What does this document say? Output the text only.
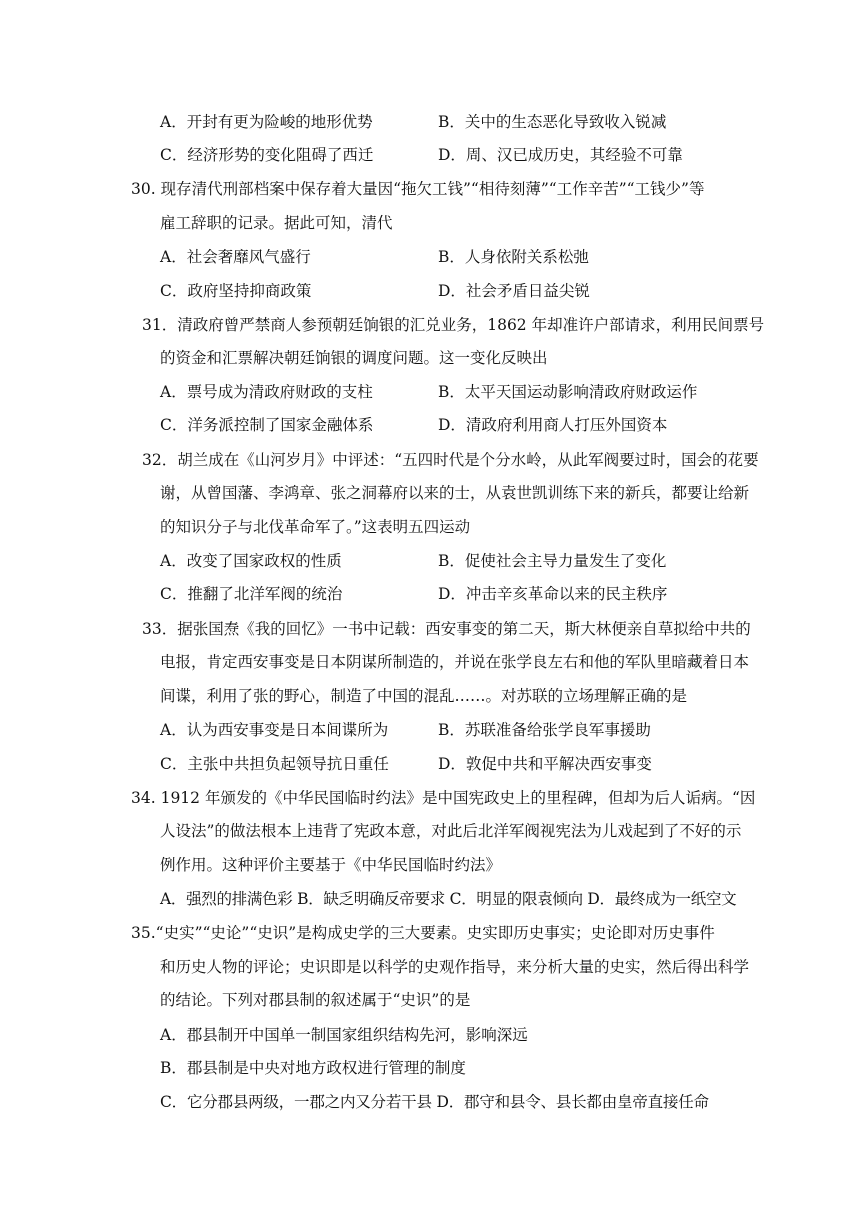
A．开封有更为险峻的地形优势	B．关中的生态恶化导致收入锐减
C．经济形势的变化阻碍了西迁	D．周、汉已成历史，其经验不可靠
30. 现存清代刑部档案中保存着大量因“拖欠工钱”“相待刻薄”“工作辛苦”“工钱少”等
雇工辞职的记录。据此可知，清代
A．社会奢靡风气盛行	B．人身依附关系松弛
C．政府坚持抑商政策	D．社会矛盾日益尖锐
31．清政府曾严禁商人参预朝廷饷银的汇兑业务，1862 年却准许户部请求，利用民间票号
的资金和汇票解决朝廷饷银的调度问题。这一变化反映出
A．票号成为清政府财政的支柱	B．太平天国运动影响清政府财政运作
C．洋务派控制了国家金融体系	D．清政府利用商人打压外国资本
32．胡兰成在《山河岁月》中评述：“五四时代是个分水岭，从此军阀要过时，国会的花要
谢，从曾国藩、李鸿章、张之洞幕府以来的士，从袁世凯训练下来的新兵，都要让给新
的知识分子与北伐革命军了。”这表明五四运动
A．改变了国家政权的性质	B．促使社会主导力量发生了变化
C．推翻了北洋军阀的统治	D．冲击辛亥革命以来的民主秩序
33．据张国焘《我的回忆》一书中记载：西安事变的第二天，斯大林便亲自草拟给中共的
电报，肯定西安事变是日本阴谋所制造的，并说在张学良左右和他的军队里暗藏着日本
间谍，利用了张的野心，制造了中国的混乱……。对苏联的立场理解正确的是
A．认为西安事变是日本间谍所为	B．苏联准备给张学良军事援助
C．主张中共担负起领导抗日重任	D．敦促中共和平解决西安事变
34. 1912 年颁发的《中华民国临时约法》是中国宪政史上的里程碑，但却为后人诟病。“因
人设法”的做法根本上违背了宪政本意，对此后北洋军阀视宪法为儿戏起到了不好的示
例作用。这种评价主要基于《中华民国临时约法》
A．强烈的排满色彩 B．缺乏明确反帝要求 C．明显的限袁倾向 D．最终成为一纸空文
35.“史实”“史论”“史识”是构成史学的三大要素。史实即历史事实；史论即对历史事件
和历史人物的评论；史识即是以科学的史观作指导，来分析大量的史实，然后得出科学
的结论。下列对郡县制的叙述属于“史识”的是
A．郡县制开中国单一制国家组织结构先河，影响深远
B．郡县制是中央对地方政权进行管理的制度
C．它分郡县两级，一郡之内又分若干县 D．郡守和县令、县长都由皇帝直接任命
